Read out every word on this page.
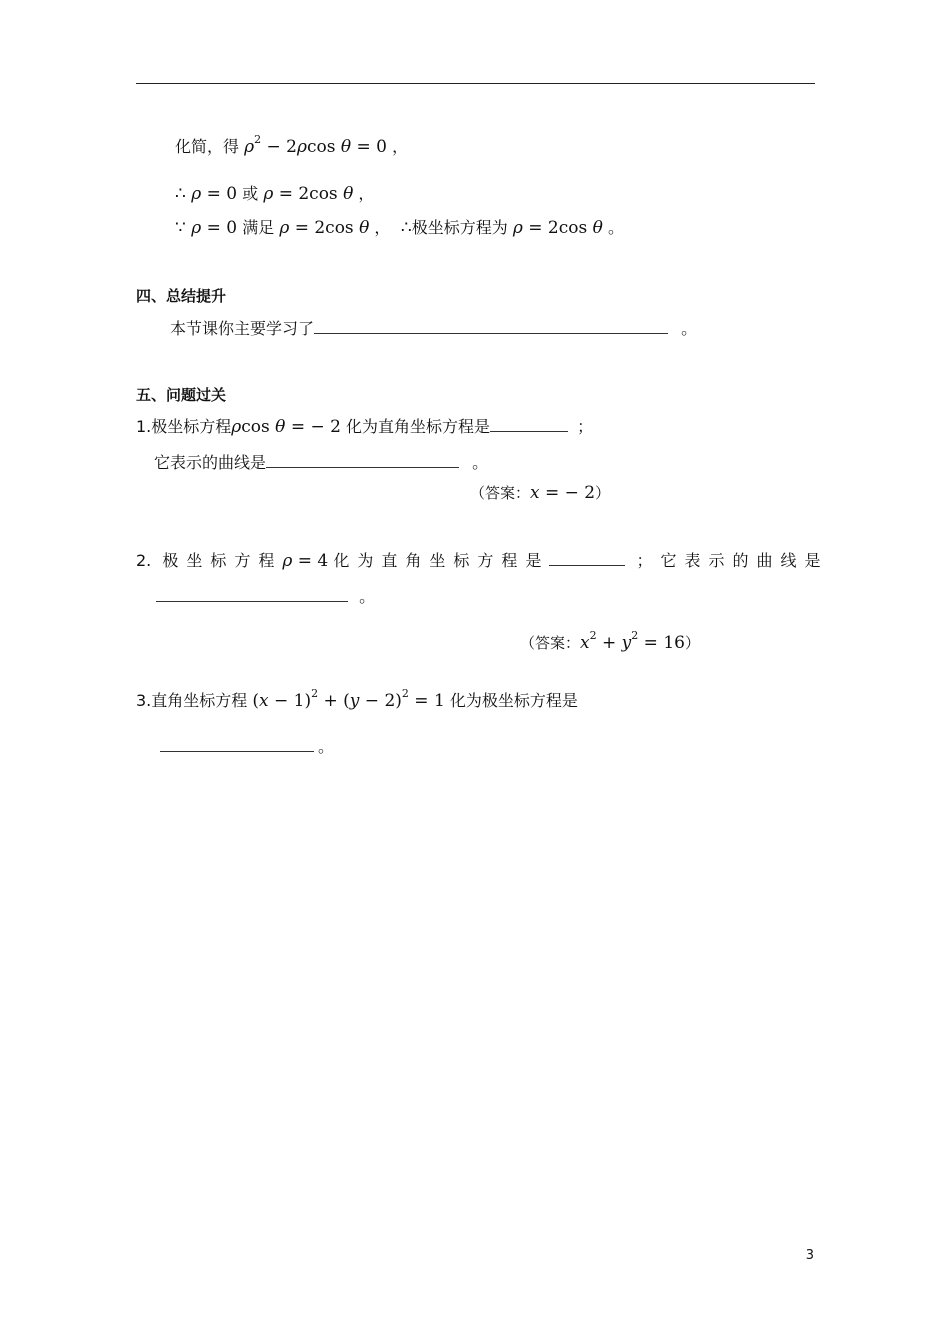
化简，得 $\rho^2 - 2\rho\cos$ θ = 0 ，
∴ ρ = 0 或 ρ = 2cos θ ，
∵ ρ = 0 满足 ρ = 2cos θ ，  ∴极坐标方程为 ρ = 2cos θ 。
四、总结提升
本节课你主要学习了	。
五、问题过关
1.极坐标方程ρcos θ = − 2 化为直角坐标方程是	；
它表示的曲线是	。
（答案：x = − 2）
2. 极坐标方程ρ = 4 化为直角坐标方程是	；它表示的曲线是
。
（答案：$x^2 + y^2 = 16$）
3.直角坐标方程 $(x - 1)^2 + (y - 2)^2 = 1$ 化为极坐标方程是
。
3
